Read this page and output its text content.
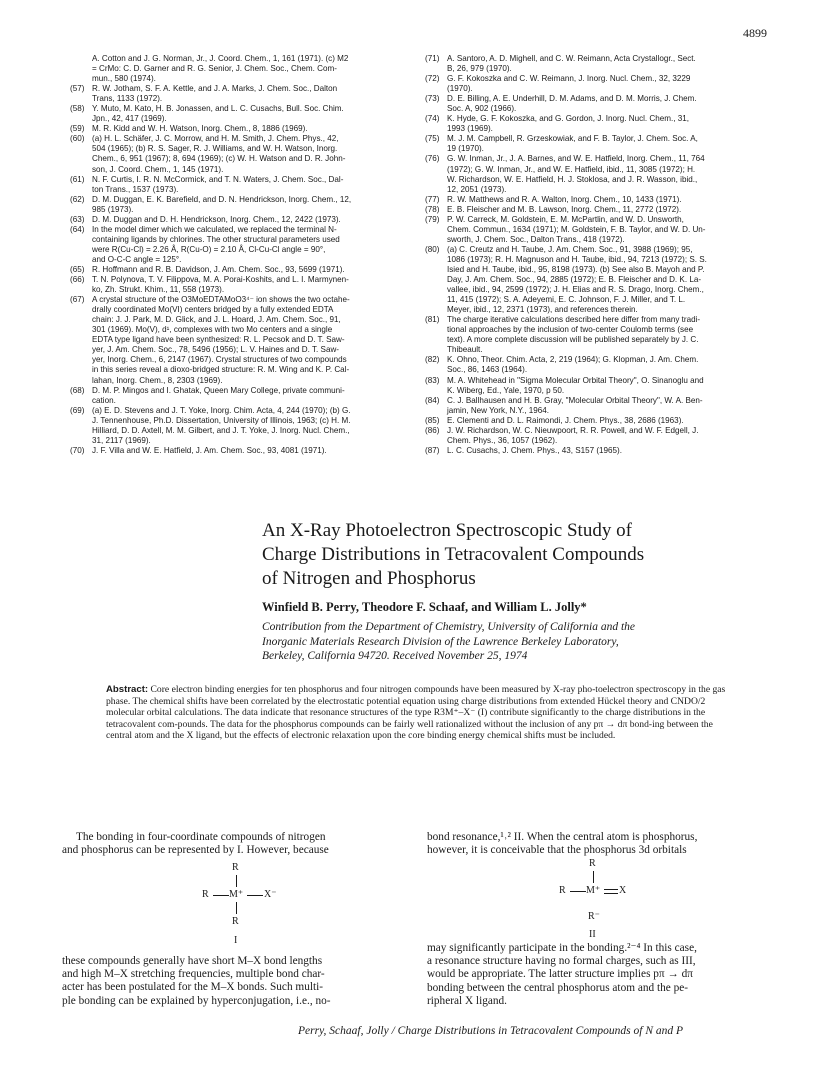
4899
A. Cotton and J. G. Norman, Jr., J. Coord. Chem., 1, 161 (1971). (c) M2
= CrMo: C. D. Garner and R. G. Senior, J. Chem. Soc., Chem. Com-
mun., 580 (1974).
(57) R. W. Jotham, S. F. A. Kettle, and J. A. Marks, J. Chem. Soc., Dalton
Trans, 1133 (1972).
(58) Y. Muto, M. Kato, H. B. Jonassen, and L. C. Cusachs, Bull. Soc. Chim.
Jpn., 42, 417 (1969).
(59) M. R. Kidd and W. H. Watson, Inorg. Chem., 8, 1886 (1969).
(60) (a) H. L. Schäfer, J. C. Morrow, and H. M. Smith, J. Chem. Phys., 42,
504 (1965); (b) R. S. Sager, R. J. Williams, and W. H. Watson, Inorg.
Chem., 6, 951 (1967); 8, 694 (1969); (c) W. H. Watson and D. R. John-
son, J. Coord. Chem., 1, 145 (1971).
(61) N. F. Curtis, I. R. N. McCormick, and T. N. Waters, J. Chem. Soc., Dal-
ton Trans., 1537 (1973).
(62) D. M. Duggan, E. K. Barefield, and D. N. Hendrickson, Inorg. Chem., 12,
985 (1973).
(63) D. M. Duggan and D. H. Hendrickson, Inorg. Chem., 12, 2422 (1973).
(64) In the model dimer which we calculated, we replaced the terminal N-
containing ligands by chlorines. The other structural parameters used
were R(Cu-Cl) = 2.26 Å, R(Cu-O) = 2.10 Å, Cl-Cu-Cl angle = 90°,
and O-C-C angle = 125°.
(65) R. Hoffmann and R. B. Davidson, J. Am. Chem. Soc., 93, 5699 (1971).
(66) T. N. Polynova, T. V. Filippova, M. A. Porai-Koshits, and L. I. Marmynen-
ko, Zh. Strukt. Khim., 11, 558 (1973).
(67) A crystal structure of the O3MoEDTAMoO3⁴⁻ ion shows the two octahe-
drally coordinated Mo(VI) centers bridged by a fully extended EDTA
chain: J. J. Park, M. D. Glick, and J. L. Hoard, J. Am. Chem. Soc., 91,
301 (1969). Mo(V), d¹, complexes with two Mo centers and a single
EDTA type ligand have been synthesized: R. L. Pecsok and D. T. Saw-
yer, J. Am. Chem. Soc., 78, 5496 (1956); L. V. Haines and D. T. Saw-
yer, Inorg. Chem., 6, 2147 (1967). Crystal structures of two compounds
in this series reveal a dioxo-bridged structure: R. M. Wing and K. P. Cal-
lahan, Inorg. Chem., 8, 2303 (1969).
(68) D. M. P. Mingos and I. Ghatak, Queen Mary College, private communi-
cation.
(69) (a) E. D. Stevens and J. T. Yoke, Inorg. Chim. Acta, 4, 244 (1970); (b) G.
J. Tennenhouse, Ph.D. Dissertation, University of Illinois, 1963; (c) H. M.
Hilliard, D. D. Axtell, M. M. Gilbert, and J. T. Yoke, J. Inorg. Nucl. Chem.,
31, 2117 (1969).
(70) J. F. Villa and W. E. Hatfield, J. Am. Chem. Soc., 93, 4081 (1971).
(71) A. Santoro, A. D. Mighell, and C. W. Reimann, Acta Crystallogr., Sect.
B, 26, 979 (1970).
(72) G. F. Kokoszka and C. W. Reimann, J. Inorg. Nucl. Chem., 32, 3229
(1970).
(73) D. E. Billing, A. E. Underhill, D. M. Adams, and D. M. Morris, J. Chem.
Soc. A, 902 (1966).
(74) K. Hyde, G. F. Kokoszka, and G. Gordon, J. Inorg. Nucl. Chem., 31,
1993 (1969).
(75) M. J. M. Campbell, R. Grzeskowiak, and F. B. Taylor, J. Chem. Soc. A,
19 (1970).
(76) G. W. Inman, Jr., J. A. Barnes, and W. E. Hatfield, Inorg. Chem., 11, 764
(1972); G. W. Inman, Jr., and W. E. Hatfield, ibid., 11, 3085 (1972); H.
W. Richardson, W. E. Hatfield, H. J. Stoklosa, and J. R. Wasson, ibid.,
12, 2051 (1973).
(77) R. W. Matthews and R. A. Walton, Inorg. Chem., 10, 1433 (1971).
(78) E. B. Fleischer and M. B. Lawson, Inorg. Chem., 11, 2772 (1972).
(79) P. W. Carreck, M. Goldstein, E. M. McPartlin, and W. D. Unsworth,
Chem. Commun., 1634 (1971); M. Goldstein, F. B. Taylor, and W. D. Un-
sworth, J. Chem. Soc., Dalton Trans., 418 (1972).
(80) (a) C. Creutz and H. Taube, J. Am. Chem. Soc., 91, 3988 (1969); 95,
1086 (1973); R. H. Magnuson and H. Taube, ibid., 94, 7213 (1972); S. S.
Isied and H. Taube, ibid., 95, 8198 (1973). (b) See also B. Mayoh and P.
Day, J. Am. Chem. Soc., 94, 2885 (1972); E. B. Fleischer and D. K. La-
vallee, ibid., 94, 2599 (1972); J. H. Elias and R. S. Drago, Inorg. Chem.,
11, 415 (1972); S. A. Adeyemi, E. C. Johnson, F. J. Miller, and T. L.
Meyer, ibid., 12, 2371 (1973), and references therein.
(81) The charge iterative calculations described here differ from many tradi-
tional approaches by the inclusion of two-center Coulomb terms (see
text). A more complete discussion will be published separately by J. C.
Thibeault.
(82) K. Ohno, Theor. Chim. Acta, 2, 219 (1964); G. Klopman, J. Am. Chem.
Soc., 86, 1463 (1964).
(83) M. A. Whitehead in "Sigma Molecular Orbital Theory", O. Sinanoglu and
K. Wiberg, Ed., Yale, 1970, p 50.
(84) C. J. Ballhausen and H. B. Gray, "Molecular Orbital Theory", W. A. Ben-
jamin, New York, N.Y., 1964.
(85) E. Clementi and D. L. Raimondi, J. Chem. Phys., 38, 2686 (1963).
(86) J. W. Richardson, W. C. Nieuwpoort, R. R. Powell, and W. F. Edgell, J.
Chem. Phys., 36, 1057 (1962).
(87) L. C. Cusachs, J. Chem. Phys., 43, S157 (1965).
An X-Ray Photoelectron Spectroscopic Study of
Charge Distributions in Tetracovalent Compounds
of Nitrogen and Phosphorus
Winfield B. Perry, Theodore F. Schaaf, and William L. Jolly*
Contribution from the Department of Chemistry, University of California and the
Inorganic Materials Research Division of the Lawrence Berkeley Laboratory,
Berkeley, California 94720. Received November 25, 1974
Abstract: Core electron binding energies for ten phosphorus and four nitrogen compounds have been measured by X-ray pho-toelectron spectroscopy in the gas phase. The chemical shifts have been correlated by the electrostatic potential equation using charge distributions from extended Hückel theory and CNDO/2 molecular orbital calculations. The data indicate that resonance structures of the type R3M⁺–X⁻ (I) contribute significantly to the charge distributions in the tetracovalent com-pounds. The data for the phosphorus compounds can be fairly well rationalized without the inclusion of any pπ → dπ bond-ing between the central atom and the X ligand, but the effects of electronic relaxation upon the core binding energy chemical shifts must be included.
The bonding in four-coordinate compounds of nitrogen
and phosphorus can be represented by I. However, because
R
R M⁺ X⁻
R
I
these compounds generally have short M–X bond lengths
and high M–X stretching frequencies, multiple bond char-
acter has been postulated for the M–X bonds. Such multi-
ple bonding can be explained by hyperconjugation, i.e., no-
bond resonance,¹˒² II. When the central atom is phosphorus,
however, it is conceivable that the phosphorus 3d orbitals
R
R M⁺ X
R⁻
II
may significantly participate in the bonding.²⁻⁴ In this case,
a resonance structure having no formal charges, such as III,
would be appropriate. The latter structure implies pπ → dπ
bonding between the central phosphorus atom and the pe-
ripheral X ligand.
Perry, Schaaf, Jolly / Charge Distributions in Tetracovalent Compounds of N and P
